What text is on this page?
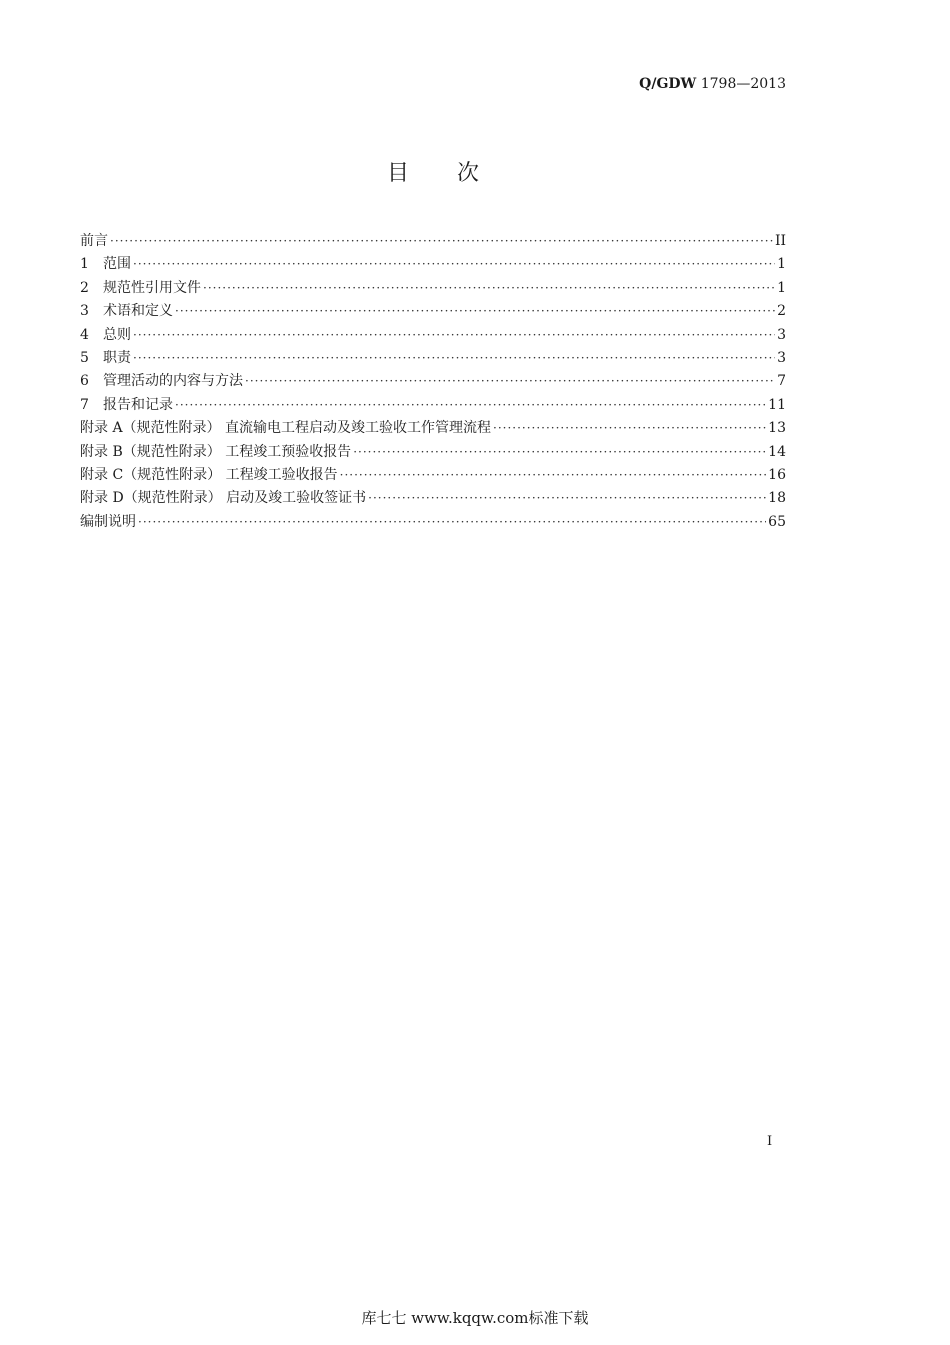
Q/GDW 1798—2013
目次
前言 ·····	II
1	范围 ·····	1
2	规范性引用文件 ·····	1
3	术语和定义 ·····	2
4	总则 ·····	3
5	职责 ·····	3
6	管理活动的内容与方法 ·····	7
7	报告和记录 ·····	11
附录 A（规范性附录） 直流输电工程启动及竣工验收工作管理流程 ·····	13
附录 B（规范性附录） 工程竣工预验收报告 ·····	14
附录 C（规范性附录） 工程竣工验收报告 ·····	16
附录 D（规范性附录） 启动及竣工验收签证书 ·····	18
编制说明 ·····	65
I
库七七 www.kqqw.com标准下载
